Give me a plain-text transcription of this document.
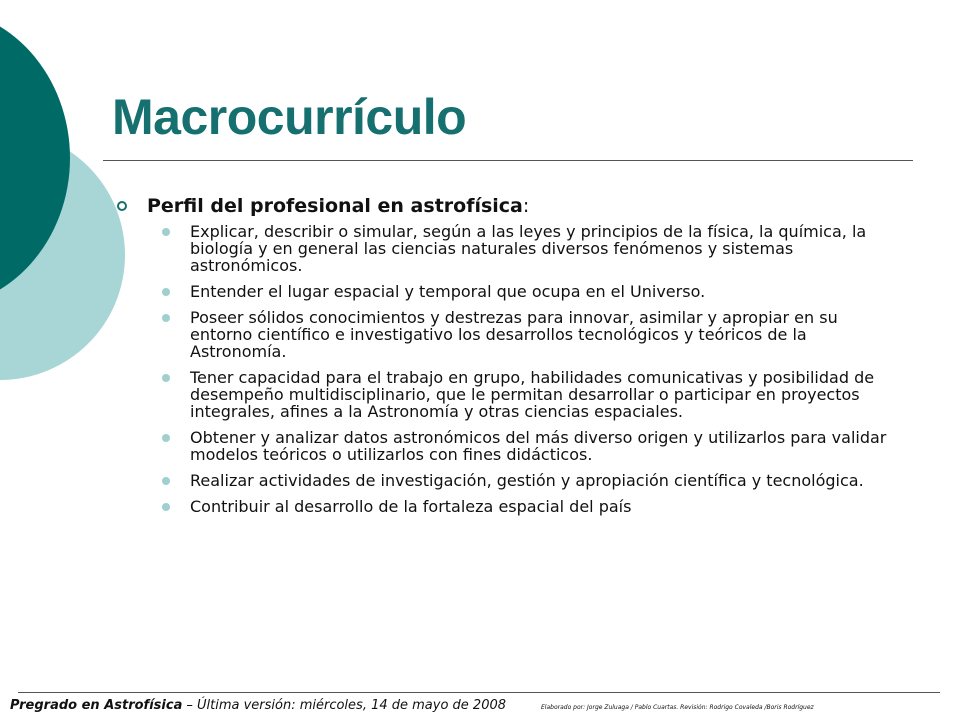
Macrocurrículo
Perfil del profesional en astrofísica :
Explicar, describir o simular, según a las leyes y principios de la física, la química, la biología y en general las ciencias naturales diversos fenómenos y sistemas astronómicos.
Entender el lugar espacial y temporal que ocupa en el Universo.
Poseer sólidos conocimientos y destrezas para innovar, asimilar y apropiar en su entorno científico e investigativo los desarrollos tecnológicos y teóricos de la Astronomía.
Tener capacidad para el trabajo en grupo, habilidades comunicativas y posibilidad de desempeño multidisciplinario, que le permitan desarrollar o participar en proyectos integrales, afines a la Astronomía y otras ciencias espaciales.
Obtener y analizar datos astronómicos del más diverso origen y utilizarlos para validar modelos teóricos o utilizarlos con fines didácticos.
Realizar actividades de investigación, gestión y apropiación científica y tecnológica.
Contribuir al desarrollo de la fortaleza espacial del país
Pregrado en Astrofísica – Última versión: miércoles, 14 de mayo de 2008	Elaborado por: Jorge Zuluaga / Pablo Cuartas. Revisión: Rodrigo Covaleda /Boris Rodríguez
